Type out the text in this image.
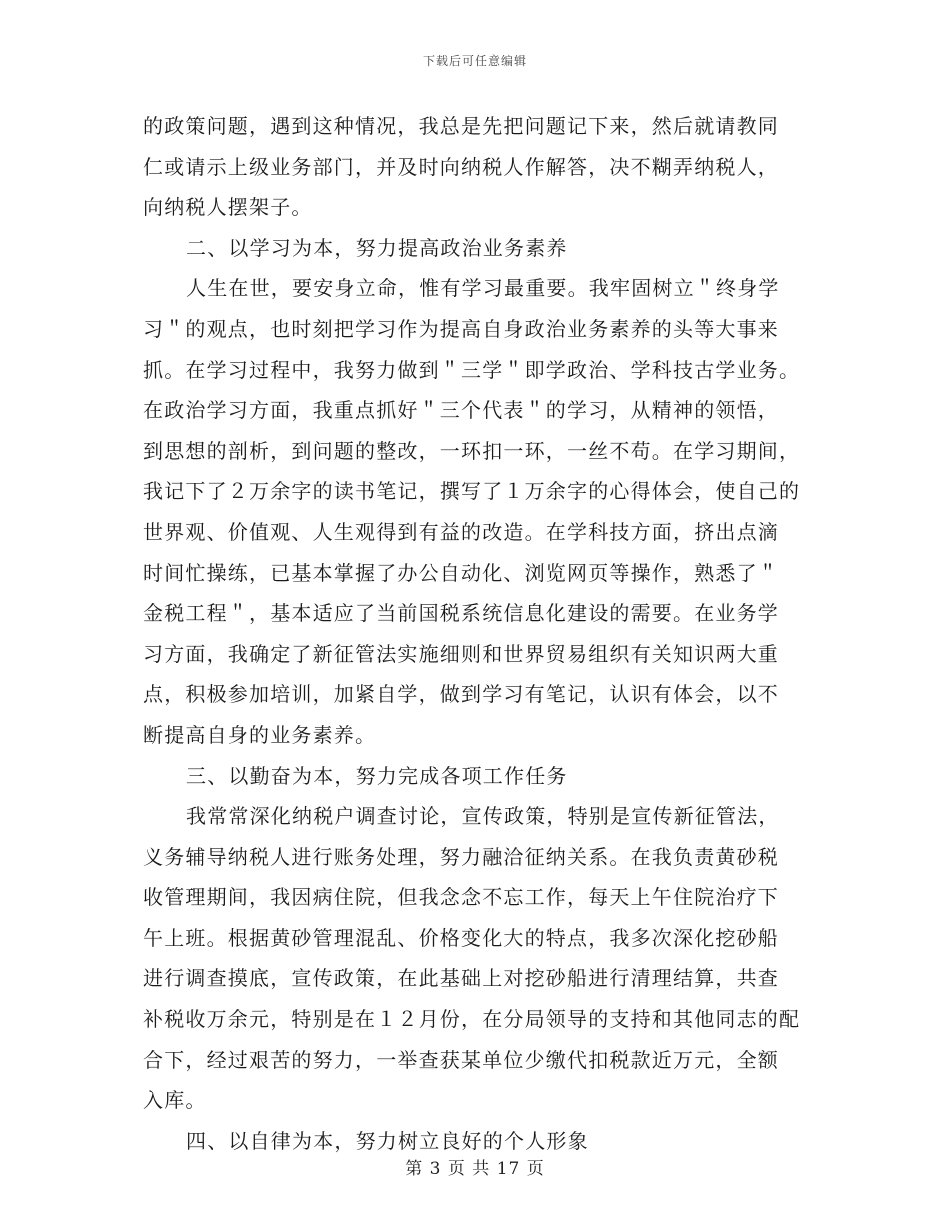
下载后可任意编辑
的政策问题，遇到这种情况，我总是先把问题记下来，然后就请教同
仁或请示上级业务部门，并及时向纳税人作解答，决不糊弄纳税人，
向纳税人摆架子。
二、以学习为本，努力提高政治业务素养
人生在世，要安身立命，惟有学习最重要。我牢固树立＂终身学
习＂的观点，也时刻把学习作为提高自身政治业务素养的头等大事来
抓。在学习过程中，我努力做到＂三学＂即学政治、学科技古学业务。
在政治学习方面，我重点抓好＂三个代表＂的学习，从精神的领悟，
到思想的剖析，到问题的整改，一环扣一环，一丝不苟。在学习期间，
我记下了２万余字的读书笔记，撰写了１万余字的心得体会，使自己的
世界观、价值观、人生观得到有益的改造。在学科技方面，挤出点滴
时间忙操练，已基本掌握了办公自动化、浏览网页等操作，熟悉了＂
金税工程＂，基本适应了当前国税系统信息化建设的需要。在业务学
习方面，我确定了新征管法实施细则和世界贸易组织有关知识两大重
点，积极参加培训，加紧自学，做到学习有笔记，认识有体会，以不
断提高自身的业务素养。
三、以勤奋为本，努力完成各项工作任务
我常常深化纳税户调查讨论，宣传政策，特别是宣传新征管法，
义务辅导纳税人进行账务处理，努力融洽征纳关系。在我负责黄砂税
收管理期间，我因病住院，但我念念不忘工作，每天上午住院治疗下
午上班。根据黄砂管理混乱、价格变化大的特点，我多次深化挖砂船
进行调查摸底，宣传政策，在此基础上对挖砂船进行清理结算，共查
补税收万余元，特别是在１２月份，在分局领导的支持和其他同志的配
合下，经过艰苦的努力，一举查获某单位少缴代扣税款近万元，全额
入库。
四、以自律为本，努力树立良好的个人形象
第 3 页 共 17 页
